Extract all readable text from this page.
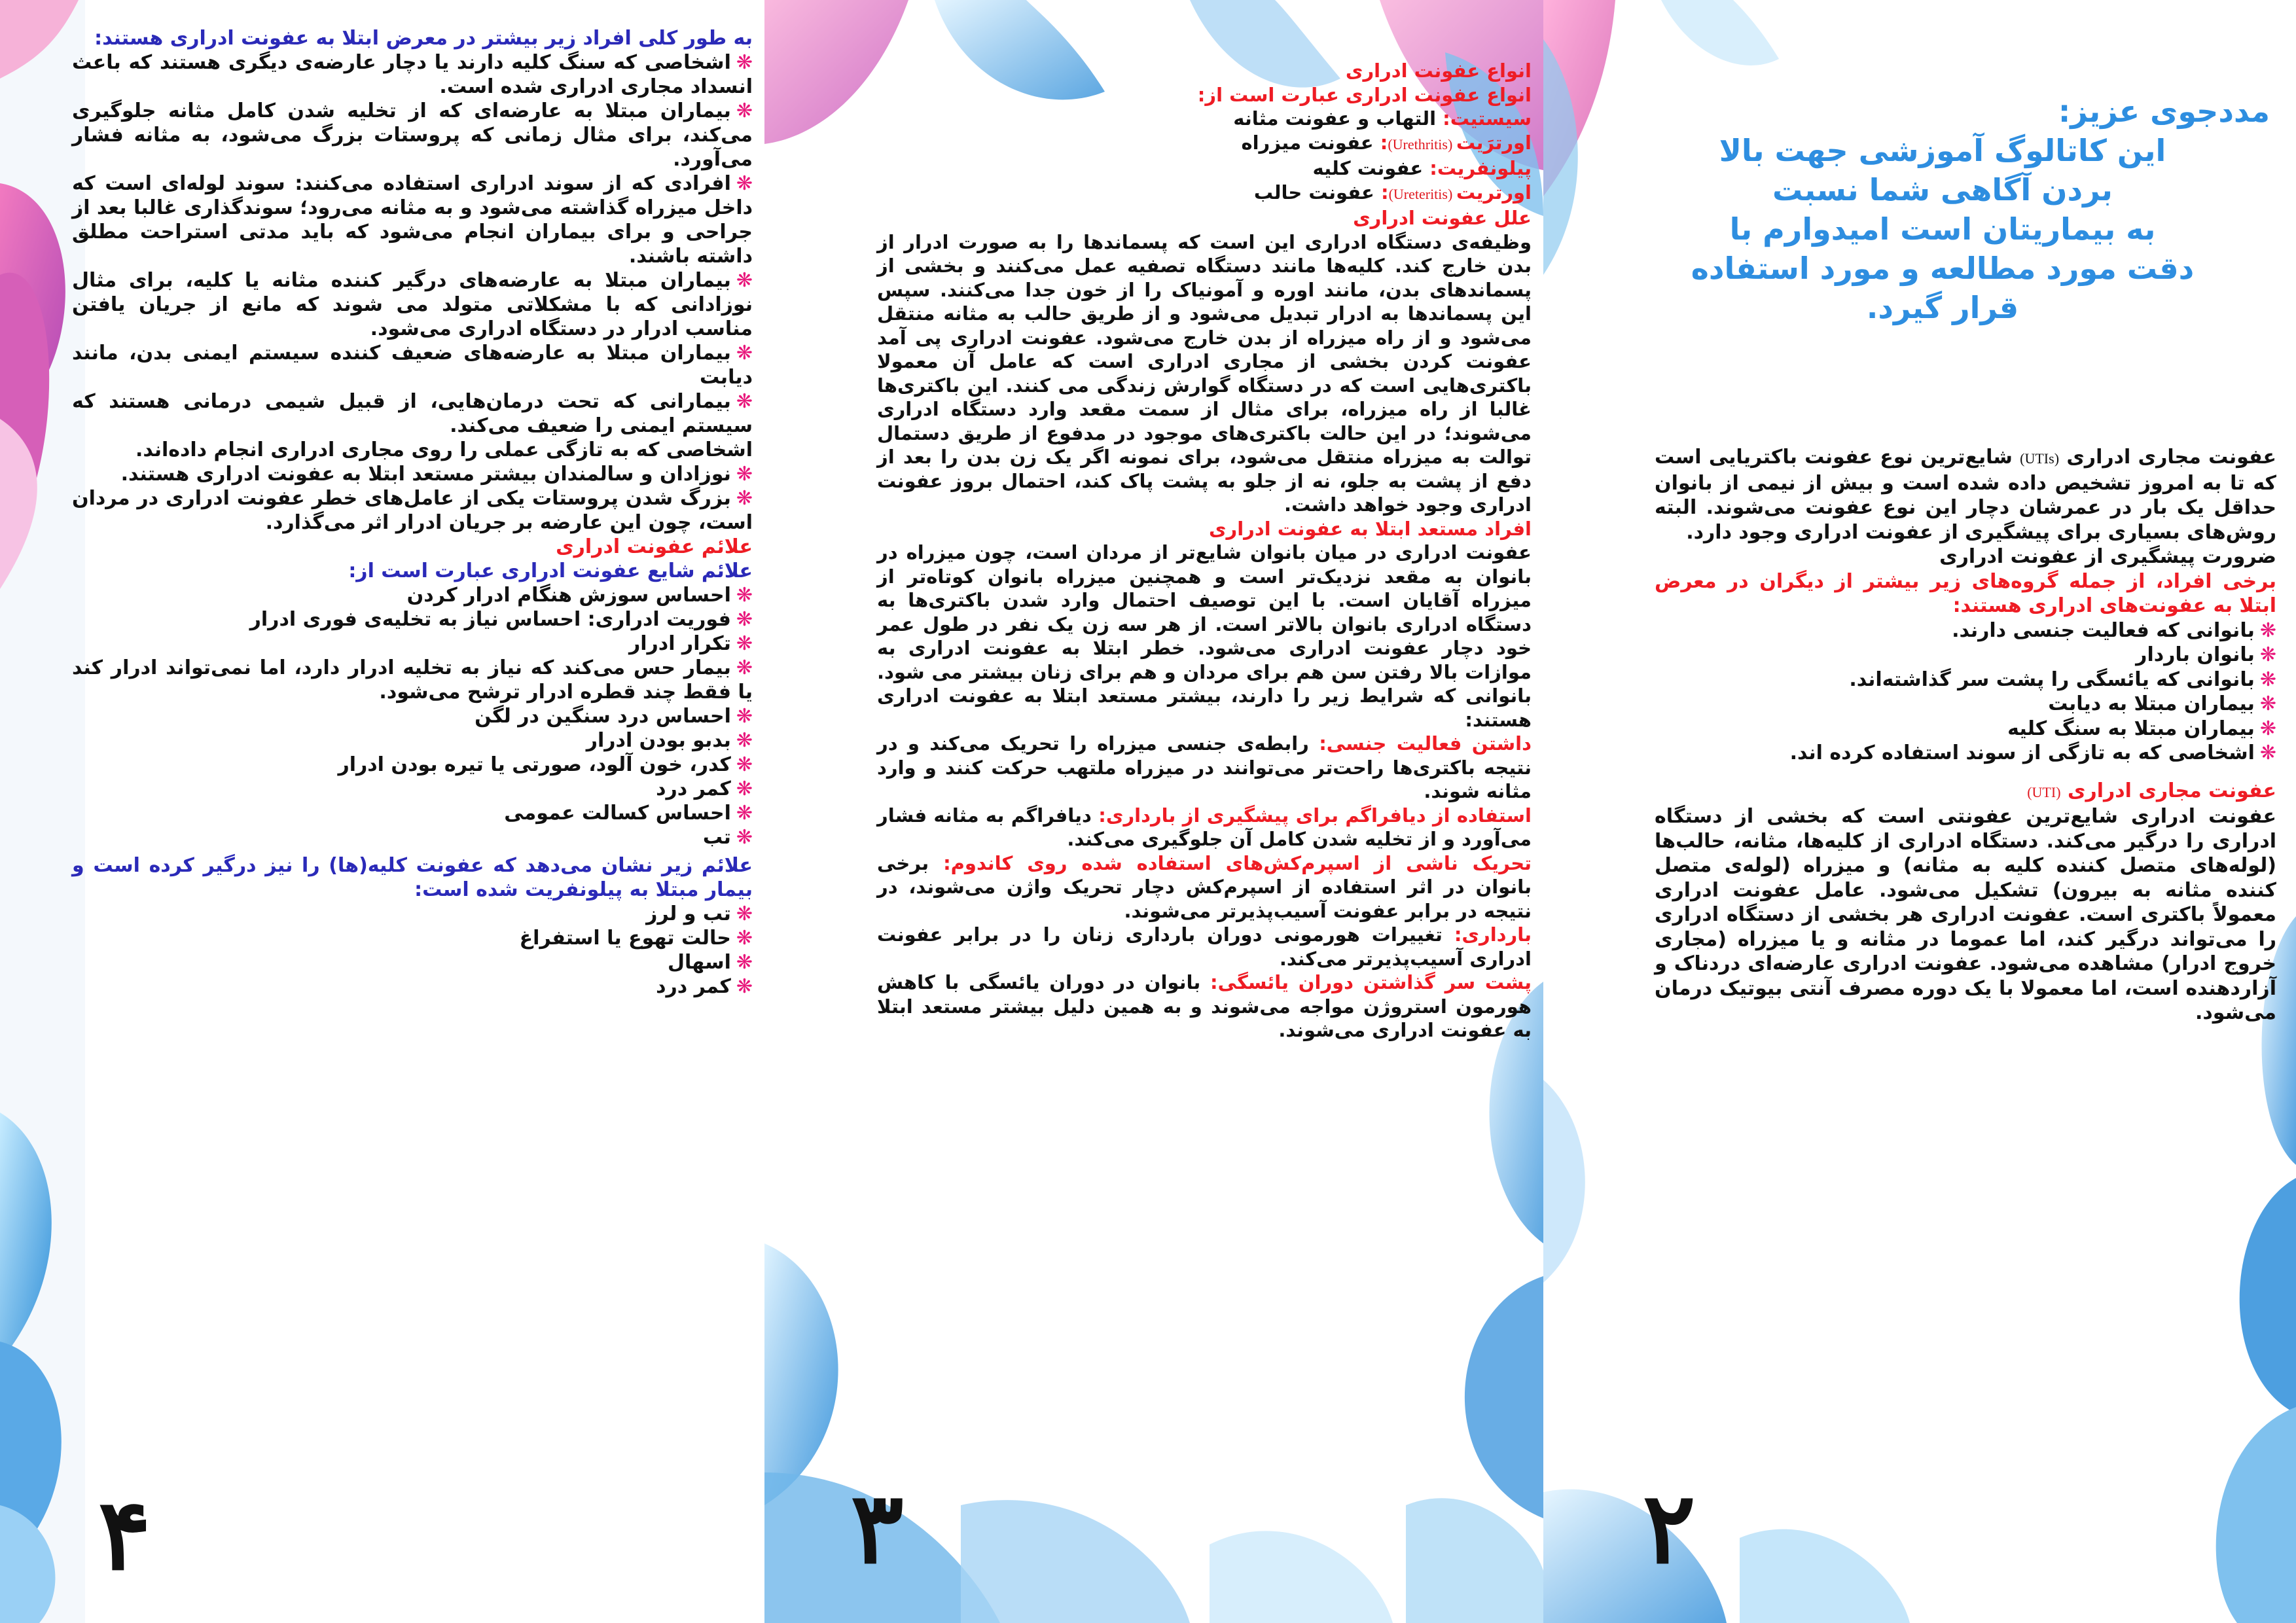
به طور کلی افراد زیر بیشتر در معرض ابتلا به عفونت ادراری هستند:

❋اشخاصی که سنگ کلیه دارند یا دچار عارضه‌ی دیگری هستند که باعث انسداد مجاری ادراری شده است.

❋بیماران مبتلا به عارضه‌ای که از تخلیه شدن کامل مثانه جلوگیری می‌کند، برای مثال زمانی که پروستات بزرگ می‌شود، به مثانه فشار می‌آورد.

❋افرادی که از سوند ادراری استفاده می‌کنند: سوند لوله‌ای است که داخل میزراه گذاشته می‌شود و به مثانه می‌رود؛ سوندگذاری غالبا بعد از جراحی و برای بیماران انجام می‌شود که باید مدتی استراحت مطلق داشته باشند.

❋بیماران مبتلا به عارضه‌های درگیر کننده مثانه یا کلیه، برای مثال نوزادانی که با مشکلاتی متولد می شوند که مانع از جریان یافتن مناسب ادرار در دستگاه ادراری می‌شود.

❋بیماران مبتلا به عارضه‌های ضعیف کننده سیستم ایمنی بدن، مانند دیابت

❋بیمارانی که تحت درمان‌هایی، از قبیل شیمی درمانی هستند که سیستم ایمنی را ضعیف می‌کند.

اشخاصی که به تازگی عملی را روی مجاری ادراری انجام داده‌اند.

❋نوزادان و سالمندان بیشتر مستعد ابتلا به عفونت ادراری هستند.

❋بزرگ شدن پروستات یکی از عامل‌های خطر عفونت ادراری در مردان است، چون این عارضه بر جریان ادرار اثر می‌گذارد.

علائم عفونت ادراری

علائم شایع عفونت ادراری عبارت است از:

❋احساس سوزش هنگام ادرار کردن

❋فوریت ادراری: احساس نیاز به تخلیه‌ی فوری ادرار

❋تکرار ادرار

❋بیمار حس می‌کند که نیاز به تخلیه ادرار دارد، اما نمی‌تواند ادرار کند یا فقط چند قطره ادرار ترشح می‌شود.

❋احساس درد سنگین در لگن

❋بدبو بودن ادرار

❋کدر، خون آلود، صورتی یا تیره بودن ادرار

❋کمر درد

❋احساس کسالت عمومی

❋تب

علائم زیر نشان می‌دهد که عفونت کلیه(ها) را نیز درگیر کرده است و بیمار مبتلا به پیلونفریت شده است:

❋تب و لرز

❋حالت تهوع یا استفراغ

❋اسهال

❋کمر درد

۴

انواع عفونت ادراری

انواع عفونت ادراری عبارت است از:

سیستیت: التهاب و عفونت مثانه

اورترَیت (Urethritis): عفونت میزراه

پیلونفریت: عفونت کلیه

اورتریت (Ureteritis): عفونت حالب

علل عفونت ادراری

وظیفه‌ی دستگاه ادراری این است که پسماندها را به صورت ادرار از بدن خارج کند. کلیه‌ها مانند دستگاه تصفیه عمل می‌کنند و بخشی از پسماندهای بدن، مانند اوره و آمونیاک را از خون جدا می‌کنند. سپس این پسماندها به ادرار تبدیل می‌شود و از طریق حالب به مثانه منتقل می‌شود و از راه میزراه از بدن خارج می‌شود. عفونت ادراری پی آمد عفونت کردن بخشی از مجاری ادراری است که عامل آن معمولا باکتری‌هایی است که در دستگاه گوارش زندگی می کنند. این باکتری‌ها غالبا از راه میزراه، برای مثال از سمت مقعد وارد دستگاه ادراری می‌شوند؛ در این حالت باکتری‌های موجود در مدفوع از طریق دستمال توالت به میزراه منتقل می‌شود، برای نمونه اگر یک زن بدن را بعد از دفع از پشت به جلو، نه از جلو به پشت پاک کند، احتمال بروز عفونت ادراری وجود خواهد داشت.

افراد مستعد ابتلا به عفونت ادراری

عفونت ادراری در میان بانوان شایع‌تر از مردان است، چون میزراه در بانوان به مقعد نزدیک‌تر است و همچنین میزراه بانوان کوتاه‌تر از میزراه آقایان است. با این توصیف احتمال وارد شدن باکتری‌ها به دستگاه ادراری بانوان بالاتر است. از هر سه زن یک نفر در طول عمر خود دچار عفونت ادراری می‌شود. خطر ابتلا به عفونت ادراری به موازات بالا رفتن سن هم برای مردان و هم برای زنان بیشتر می شود. بانوانی که شرایط زیر را دارند، بیشتر مستعد ابتلا به عفونت ادراری هستند:

داشتن فعالیت جنسی: رابطه‌ی جنسی میزراه را تحریک می‌کند و در نتیجه باکتری‌ها راحت‌تر می‌توانند در میزراه ملتهب حرکت کنند و وارد مثانه شوند.

استفاده از دیافراگم برای پیشگیری از بارداری: دیافراگم به مثانه فشار می‌آورد و از تخلیه شدن کامل آن جلوگیری می‌کند.

تحریک ناشی از اسپرم‌کش‌های استفاده شده روی کاندوم: برخی بانوان در اثر استفاده از اسپرم‌کش دچار تحریک واژن می‌شوند، در نتیجه در برابر عفونت آسیب‌پذیرتر می‌شوند.

بارداری: تغییرات هورمونی دوران بارداری زنان را در برابر عفونت ادراری آسیب‌پذیرتر می‌کند.

پشت سر گذاشتن دوران یائسگی: بانوان در دوران یائسگی با کاهش هورمون استروژن مواجه می‌شوند و به همین دلیل بیشتر مستعد ابتلا به عفونت ادراری می‌شوند.

۳
مددجوی عزیز:
این کاتالوگ آموزشی جهت بالا
بردن آگاهی شما نسبت
به بیماریتان است امیدوارم با
دقت مورد مطالعه و مورد استفاده
قرار گیرد.

عفونت مجاری ادراری (UTIs) شایع‌ترین نوع عفونت باکتریایی است که تا به امروز تشخیص داده شده است و بیش از نیمی از بانوان حداقل یک بار در عمرشان دچار این نوع عفونت می‌شوند. البته روش‌های بسیاری برای پیشگیری از عفونت ادراری وجود دارد.

ضرورت پیشگیری از عفونت ادراری

برخی افراد، از جمله گروه‌های زیر بیشتر از دیگران در معرض ابتلا به عفونت‌های ادراری هستند:

❋بانوانی که فعالیت جنسی دارند.

❋بانوان باردار

❋بانوانی که یائسگی را پشت سر گذاشته‌اند.

❋بیماران مبتلا به دیابت

❋بیماران مبتلا به سنگ کلیه

❋اشخاصی که به تازگی از سوند استفاده کرده اند.

عفونت مجاری ادراری (UTI)

عفونت ادراری شایع‌ترین عفونتی است که بخشی از دستگاه ادراری را درگیر می‌کند. دستگاه ادراری از کلیه‌ها، مثانه، حالب‌ها (لوله‌های متصل کننده کلیه به مثانه) و میزراه (لوله‌ی متصل کننده مثانه به بیرون) تشکیل می‌شود. عامل عفونت ادراری معمولاً باکتری است. عفونت ادراری هر بخشی از دستگاه ادراری را می‌تواند درگیر کند، اما عموما در مثانه و یا میزراه (مجاری خروج ادرار) مشاهده می‌شود. عفونت ادراری عارضه‌ای دردناک و آزاردهنده است، اما معمولا با یک دوره مصرف آنتی بیوتیک درمان می‌شود.

۲
